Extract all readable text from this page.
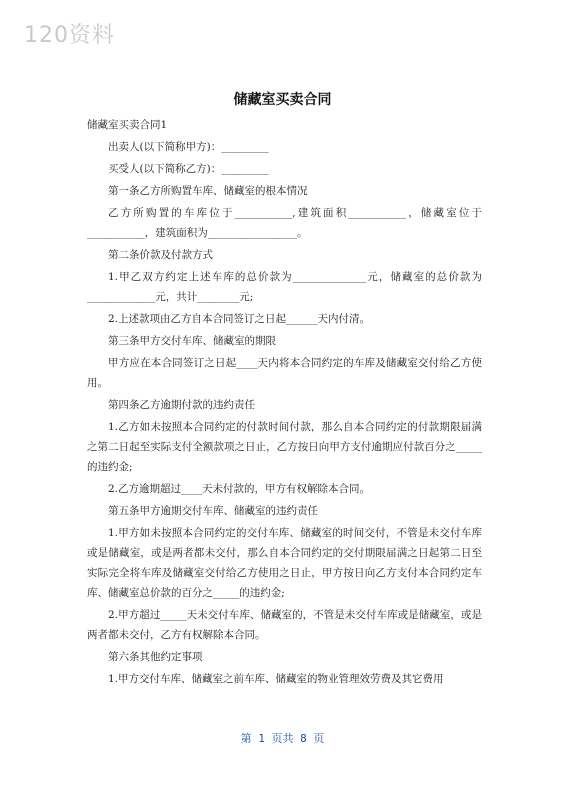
120资料
储藏室买卖合同

储藏室买卖合同1

出卖人(以下简称甲方)：_________

买受人(以下简称乙方)：_________

第一条乙方所购置车库、储藏室的根本情况

乙方所购置的车库位于___________,建筑面积___________，储藏室位于___________，建筑面积为_________________。

第二条价款及付款方式

1.甲乙双方约定上述车库的总价款为______________元，储藏室的总价款为_____________元，共计________元;

2.上述款项由乙方自本合同签订之日起______天内付清。

第三条甲方交付车库、储藏室的期限

甲方应在本合同签订之日起____天内将本合同约定的车库及储藏室交付给乙方使用。

第四条乙方逾期付款的违约责任

1.乙方如未按照本合同约定的付款时间付款，那么自本合同约定的付款期限届满之第二日起至实际支付全额款项之日止，乙方按日向甲方支付逾期应付款百分之_____的违约金;

2.乙方逾期超过____天未付款的，甲方有权解除本合同。

第五条甲方逾期交付车库、储藏室的违约责任

1.甲方如未按照本合同约定的交付车库、储藏室的时间交付，不管是未交付车库或是储藏室，或是两者都未交付，那么自本合同约定的交付期限届满之日起第二日至实际完全将车库及储藏室交付给乙方使用之日止，甲方按日向乙方支付本合同约定车库、储藏室总价款的百分之_____的违约金;

2.甲方超过_____天未交付车库、储藏室的，不管是未交付车库或是储藏室，或是两者都未交付，乙方有权解除本合同。

第六条其他约定事项

1.甲方交付车库、储藏室之前车库、储藏室的物业管理效劳费及其它费用

第 1 页共 8 页
